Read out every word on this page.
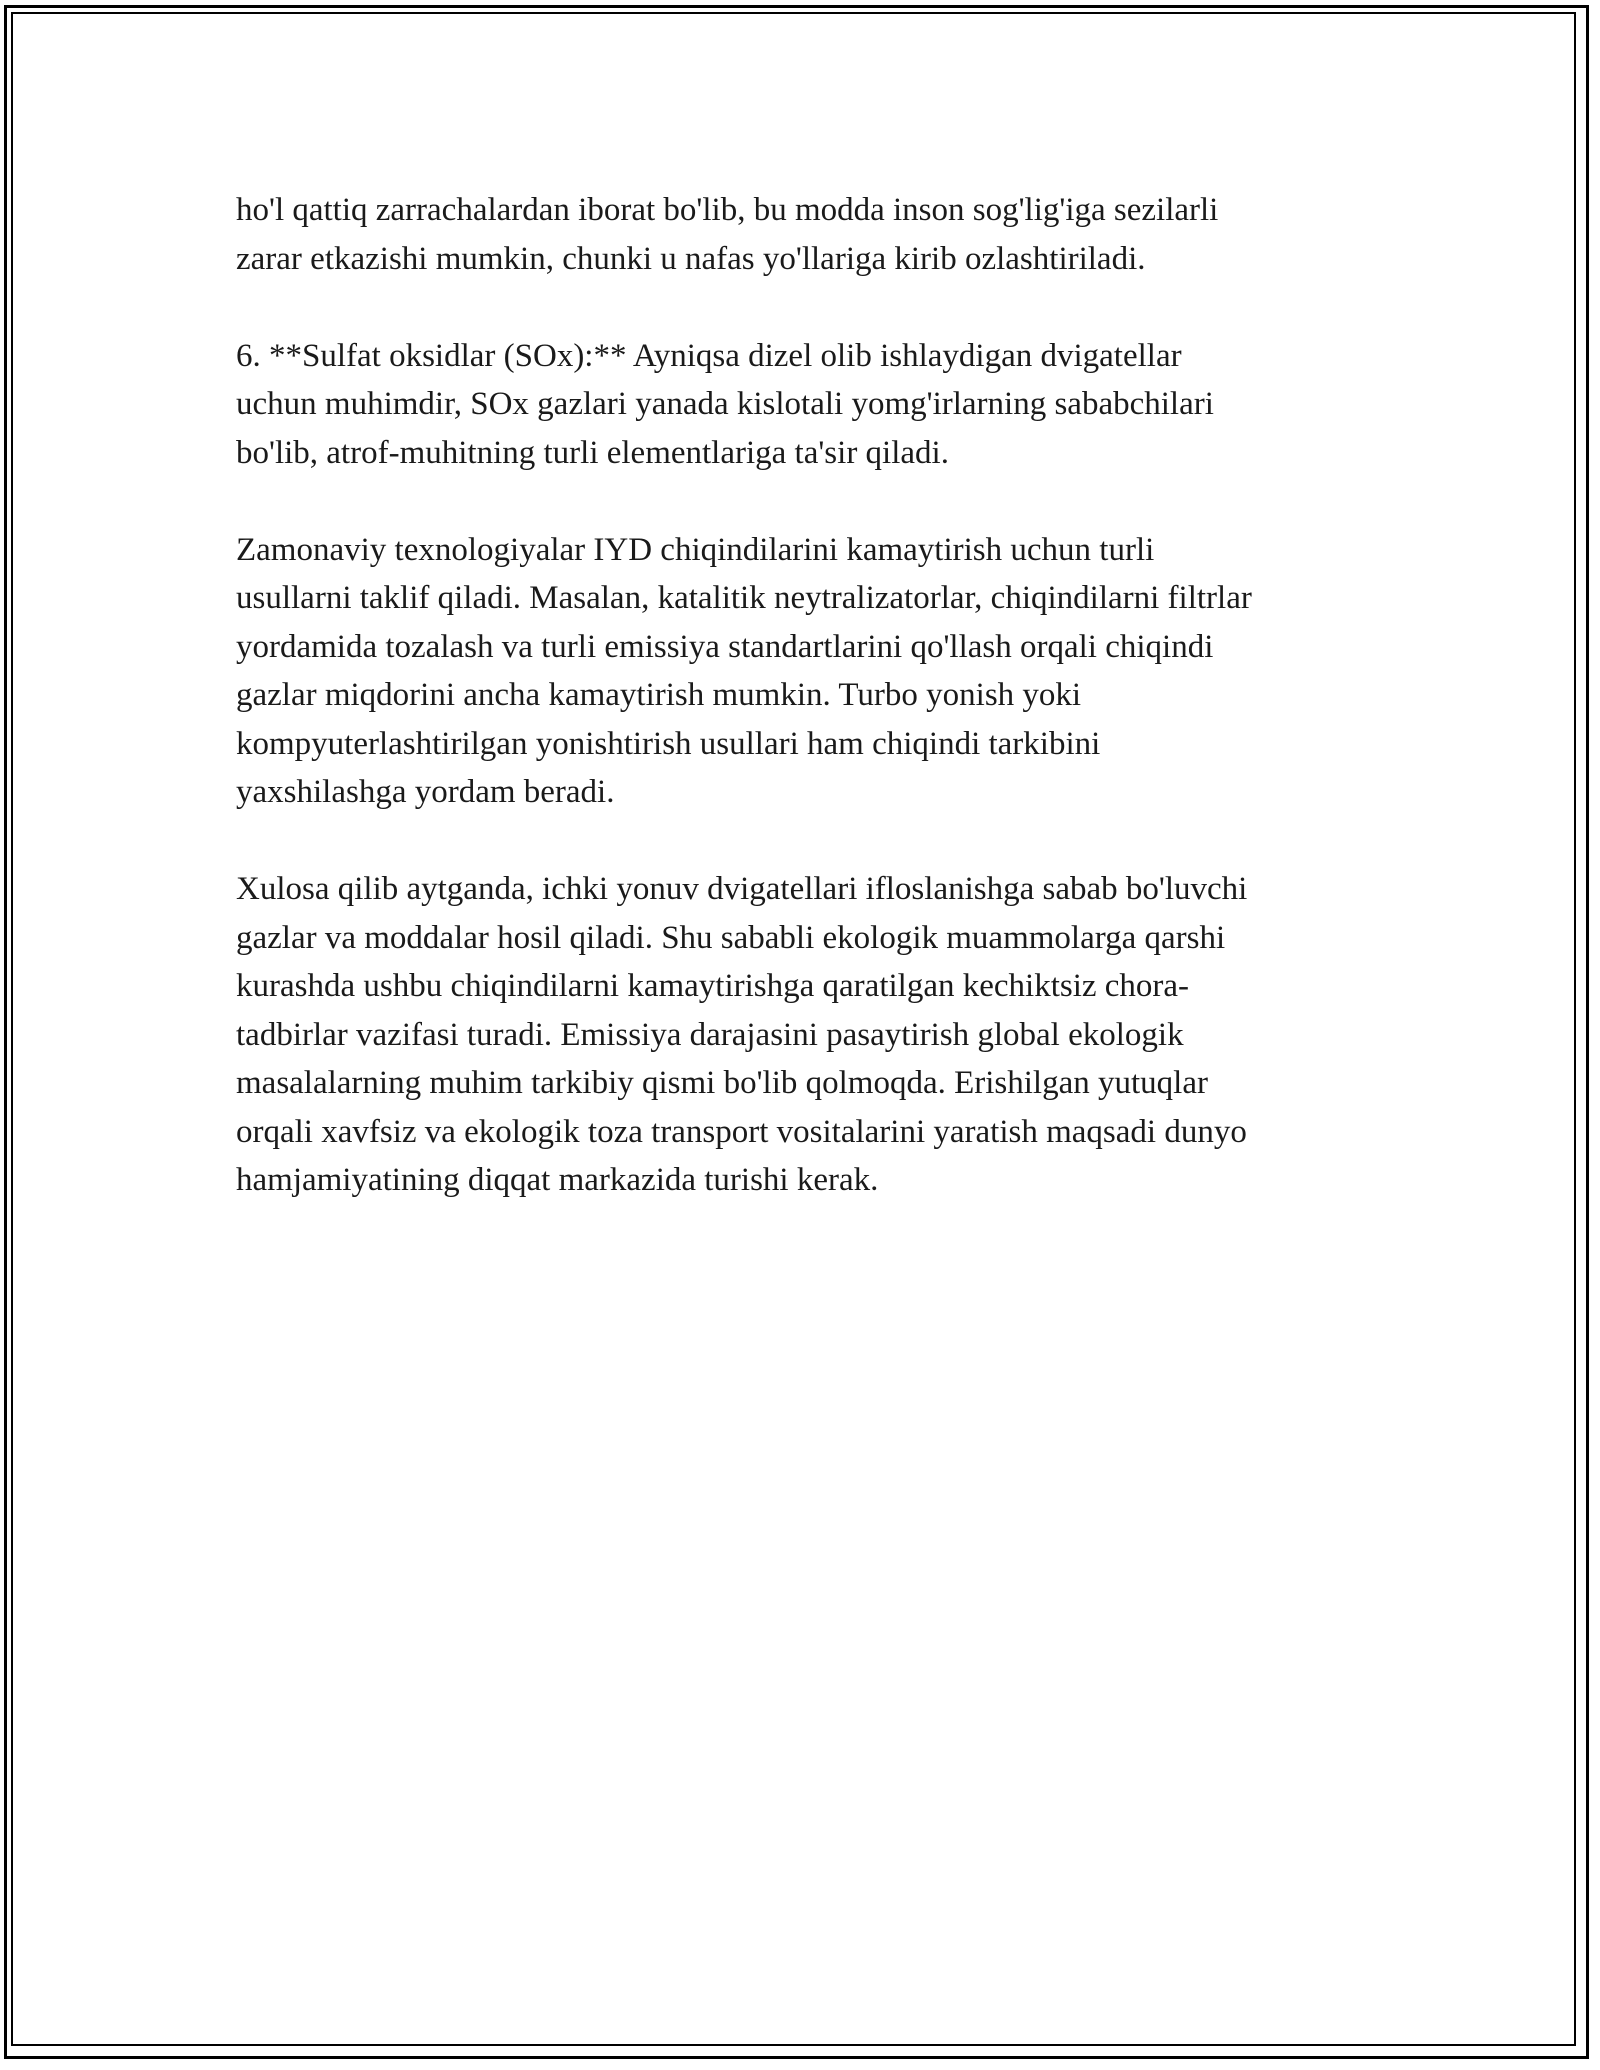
ho'l qattiq zarrachalardan iborat bo'lib, bu modda inson sog'lig'iga sezilarli
zarar etkazishi mumkin, chunki u nafas yo'llariga kirib ozlashtiriladi.

6. **Sulfat oksidlar (SOx):** Ayniqsa dizel olib ishlaydigan dvigatellar
uchun muhimdir, SOx gazlari yanada kislotali yomg'irlarning sababchilari
bo'lib, atrof-muhitning turli elementlariga ta'sir qiladi.

Zamonaviy texnologiyalar IYD chiqindilarini kamaytirish uchun turli
usullarni taklif qiladi. Masalan, katalitik neytralizatorlar, chiqindilarni filtrlar
yordamida tozalash va turli emissiya standartlarini qo'llash orqali chiqindi
gazlar miqdorini ancha kamaytirish mumkin. Turbo yonish yoki
kompyuterlashtirilgan yonishtirish usullari ham chiqindi tarkibini
yaxshilashga yordam beradi.

Xulosa qilib aytganda, ichki yonuv dvigatellari ifloslanishga sabab bo'luvchi
gazlar va moddalar hosil qiladi. Shu sababli ekologik muammolarga qarshi
kurashda ushbu chiqindilarni kamaytirishga qaratilgan kechiktsiz chora-
tadbirlar vazifasi turadi. Emissiya darajasini pasaytirish global ekologik
masalalarning muhim tarkibiy qismi bo'lib qolmoqda. Erishilgan yutuqlar
orqali xavfsiz va ekologik toza transport vositalarini yaratish maqsadi dunyo
hamjamiyatining diqqat markazida turishi kerak.
